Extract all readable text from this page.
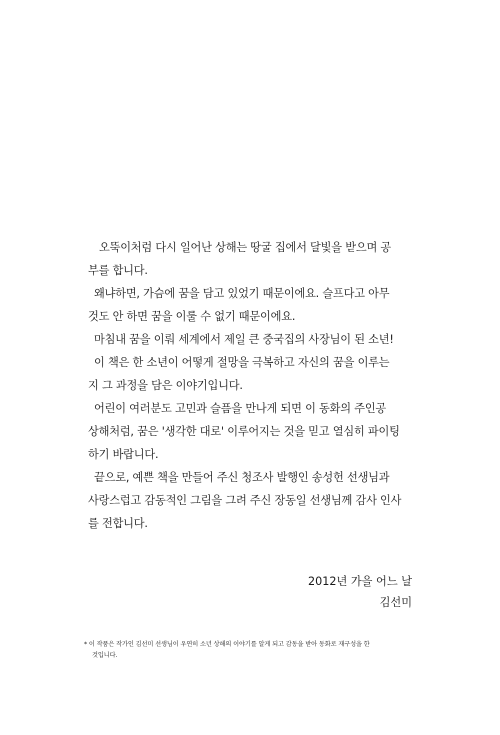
　오뚝이처럼 다시 일어난 상해는 땅굴 집에서 달빛을 받으며 공
부를 합니다.

왜냐하면, 가슴에 꿈을 담고 있었기 때문이에요. 슬프다고 아무
것도 안 하면 꿈을 이룰 수 없기 때문이에요.

마침내 꿈을 이뤄 세계에서 제일 큰 중국집의 사장님이 된 소년!

이 책은 한 소년이 어떻게 절망을 극복하고 자신의 꿈을 이루는
지 그 과정을 담은 이야기입니다.

어린이 여러분도 고민과 슬픔을 만나게 되면 이 동화의 주인공
상해처럼, 꿈은 '생각한 대로' 이루어지는 것을 믿고 열심히 파이팅
하기 바랍니다.

끝으로, 예쁜 책을 만들어 주신 청조사 발행인 송성헌 선생님과
사랑스럽고 감동적인 그림을 그려 주신 장동일 선생님께 감사 인사
를 전합니다.

2012년 가을 어느 날
김선미
* 이 작품은 작가인 김선미 선생님이 우연히 소년 상해의 이야기를 알게 되고 감동을 받아 동화로 재구성을 한
것입니다.
